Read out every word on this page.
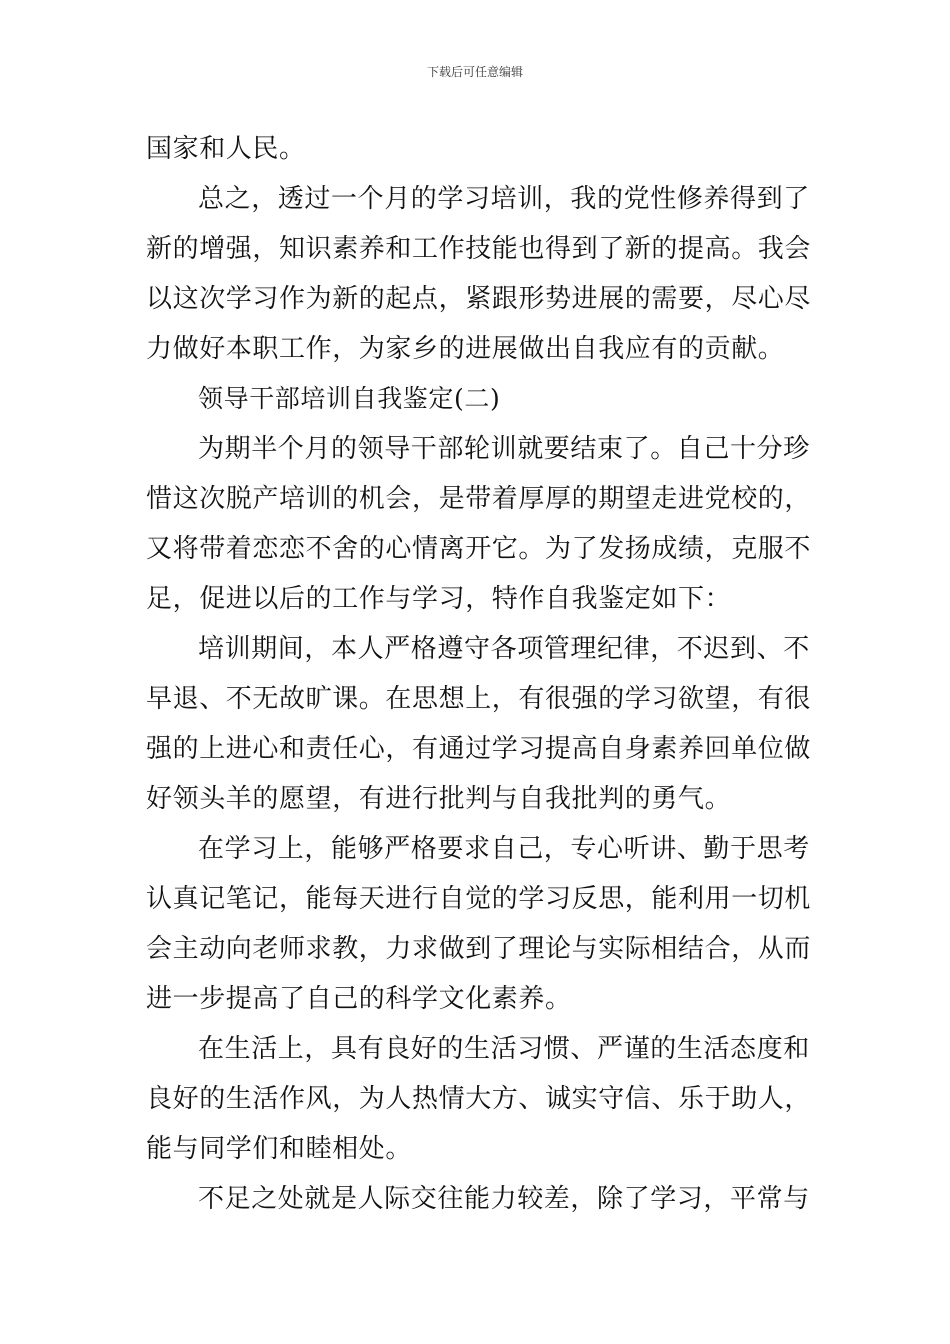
下载后可任意编辑
国家和人民。
总之，透过一个月的学习培训，我的党性修养得到了
新的增强，知识素养和工作技能也得到了新的提高。我会
以这次学习作为新的起点，紧跟形势进展的需要，尽心尽
力做好本职工作，为家乡的进展做出自我应有的贡献。
领导干部培训自我鉴定(二)
为期半个月的领导干部轮训就要结束了。自己十分珍
惜这次脱产培训的机会，是带着厚厚的期望走进党校的，
又将带着恋恋不舍的心情离开它。为了发扬成绩，克服不
足，促进以后的工作与学习，特作自我鉴定如下：
培训期间，本人严格遵守各项管理纪律，不迟到、不
早退、不无故旷课。在思想上，有很强的学习欲望，有很
强的上进心和责任心，有通过学习提高自身素养回单位做
好领头羊的愿望，有进行批判与自我批判的勇气。
在学习上，能够严格要求自己，专心听讲、勤于思考
认真记笔记，能每天进行自觉的学习反思，能利用一切机
会主动向老师求教，力求做到了理论与实际相结合，从而
进一步提高了自己的科学文化素养。
在生活上，具有良好的生活习惯、严谨的生活态度和
良好的生活作风，为人热情大方、诚实守信、乐于助人，
能与同学们和睦相处。
不足之处就是人际交往能力较差，除了学习，平常与
